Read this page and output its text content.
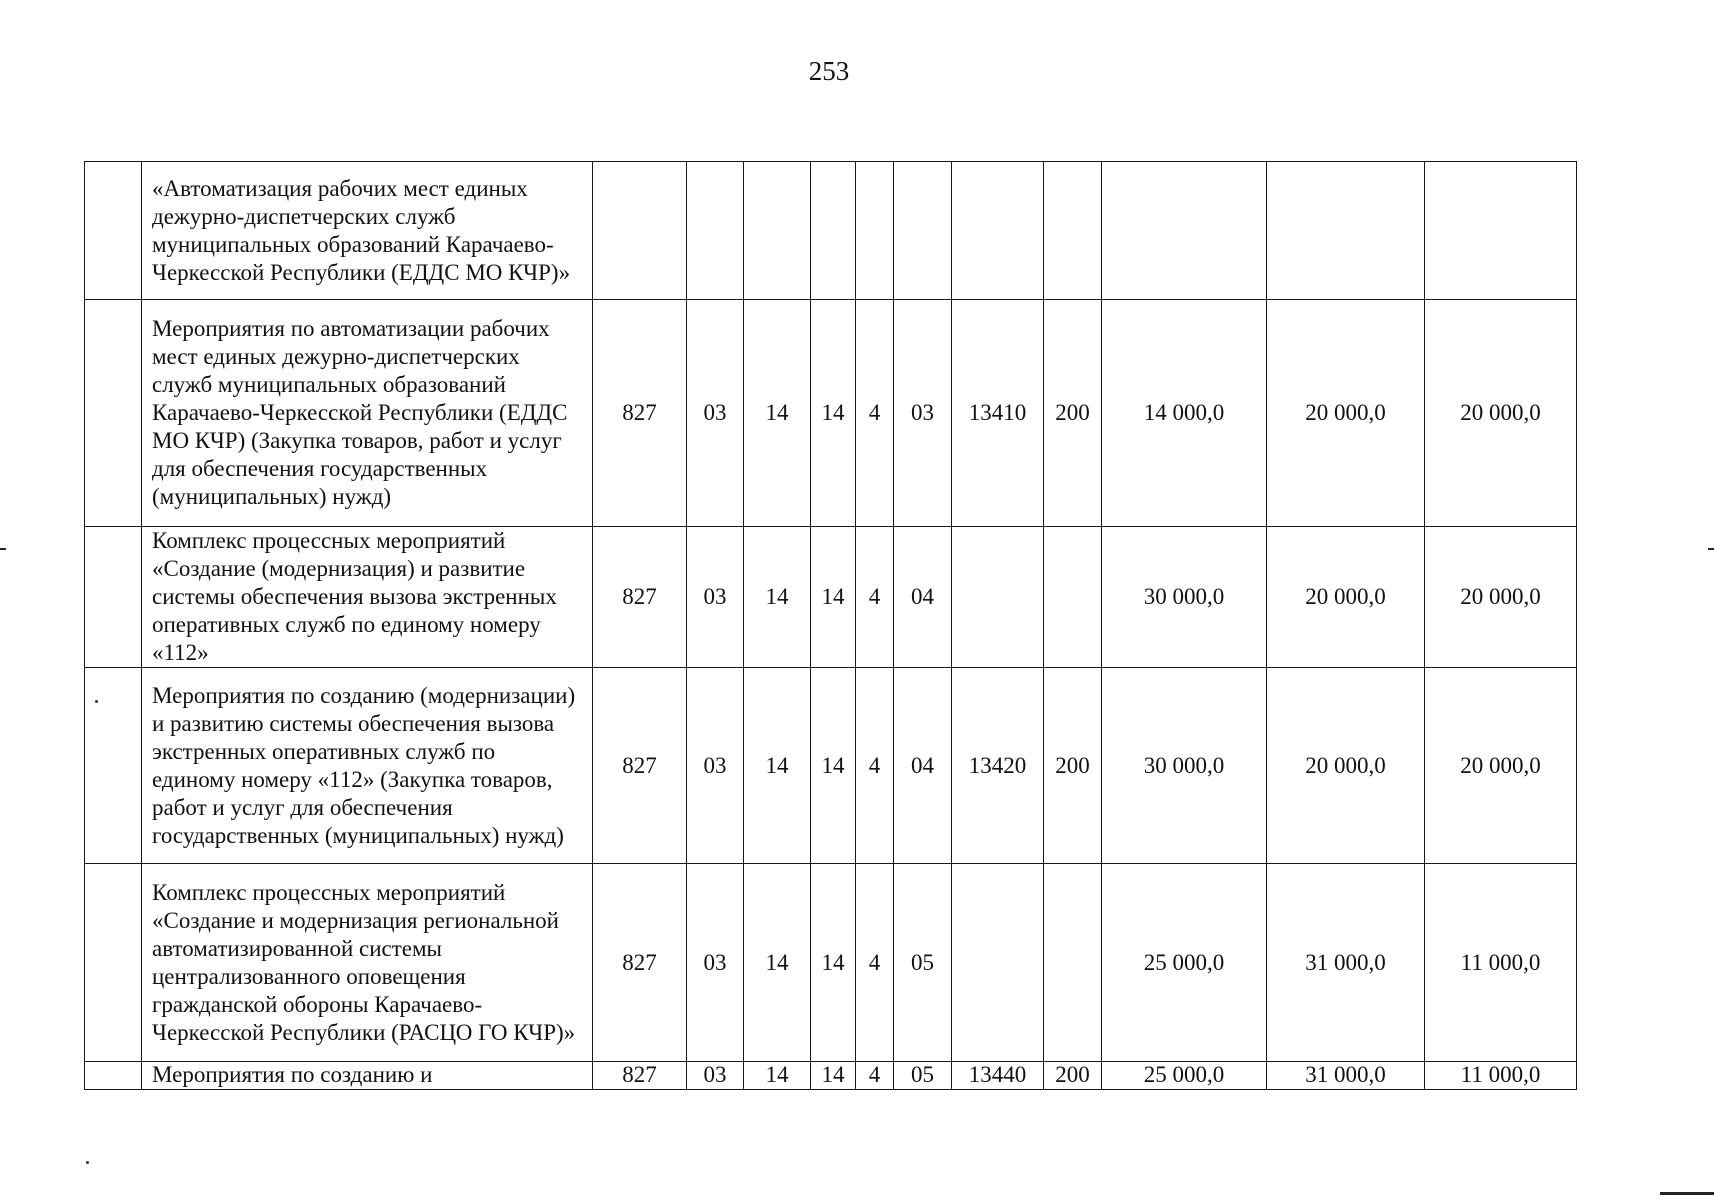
253
	«Автоматизация рабочих мест единых дежурно-диспетчерских служб муниципальных образований Карачаево-Черкесской Республики (ЕДДС МО КЧР)»											
	Мероприятия по автоматизации рабочих мест единых дежурно-диспетчерских служб муниципальных образований Карачаево-Черкесской Республики (ЕДДС МО КЧР) (Закупка товаров, работ и услуг для обеспечения государственных (муниципальных) нужд)	827	03	14	14	4	03	13410	200	14 000,0	20 000,0	20 000,0
	Комплекс процессных мероприятий «Создание (модернизация) и развитие системы обеспечения вызова экстренных оперативных служб по единому номеру «112»	827	03	14	14	4	04			30 000,0	20 000,0	20 000,0
	Мероприятия по созданию (модернизации) и развитию системы обеспечения вызова экстренных оперативных служб по единому номеру «112» (Закупка товаров, работ и услуг для обеспечения государственных (муниципальных) нужд)	827	03	14	14	4	04	13420	200	30 000,0	20 000,0	20 000,0
	Комплекс процессных мероприятий «Создание и модернизация региональной автоматизированной системы централизованного оповещения гражданской обороны Карачаево-Черкесской Республики (РАСЦО ГО КЧР)»	827	03	14	14	4	05			25 000,0	31 000,0	11 000,0
	Мероприятия по созданию и	827	03	14	14	4	05	13440	200	25 000,0	31 000,0	11 000,0
